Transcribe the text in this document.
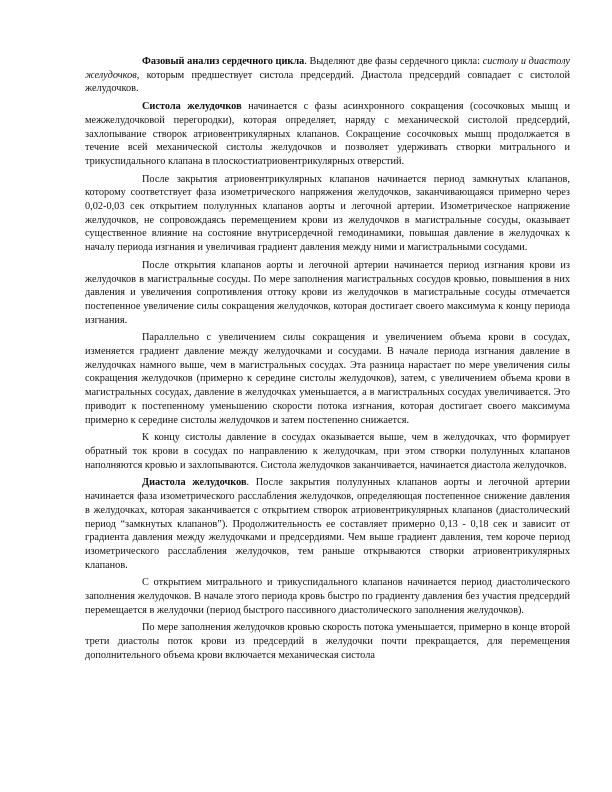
Фазовый анализ сердечного цикла. Выделяют две фазы сердечного цикла: систолу и диастолу желудочков, которым предшествует систола предсердий. Диастола предсердий совпадает с систолой желудочков.

Систола желудочков начинается с фазы асинхронного сокращения (сосочковых мышц и межжелудочковой перегородки), которая определяет, наряду с механической систолой предсердий, захлопывание створок атриовентрикулярных клапанов. Сокращение сосочковых мышц продолжается в течение всей механической систолы желудочков и позволяет удерживать створки митрального и трикуспидального клапана в плоскостиатриовентрикулярных отверстий.

После закрытия атриовентрикулярных клапанов начинается период замкнутых клапанов, которому соответствует фаза изометрического напряжения желудочков, заканчивающаяся примерно через 0,02-0,03 сек открытием полулунных клапанов аорты и легочной артерии. Изометрическое напряжение желудочков, не сопровождаясь перемещением крови из желудочков в магистральные сосуды, оказывает существенное влияние на состояние внутрисердечной гемодинамики, повышая давление в желудочках к началу периода изгнания и увеличивая градиент давления между ними и магистральными сосудами.

После открытия клапанов аорты и легочной артерии начинается период изгнания крови из желудочков в магистральные сосуды. По мере заполнения магистральных сосудов кровью, повышения в них давления и увеличения сопротивления оттоку крови из желудочков в магистральные сосуды отмечается постепенное увеличение силы сокращения желудочков, которая достигает своего максимума к концу периода изгнания.

Параллельно с увеличением силы сокращения и увеличением объема крови в сосудах, изменяется градиент давление между желудочками и сосудами. В начале периода изгнания давление в желудочках намного выше, чем в магистральных сосудах. Эта разница нарастает по мере увеличения силы сокращения желудочков (примерно к середине систолы желудочков), затем, с увеличением объема крови в магистральных сосудах, давление в желудочках уменьшается, а в магистральных сосудах увеличивается. Это приводит к постепенному уменьшению скорости потока изгнания, которая достигает своего максимума примерно к середине систолы желудочков и затем постепенно снижается.

К концу систолы давление в сосудах оказывается выше, чем в желудочках, что формирует обратный ток крови в сосудах по направлению к желудочкам, при этом створки полулунных клапанов наполняются кровью и захлопываются. Систола желудочков заканчивается, начинается диастола желудочков.

Диастола желудочков. После закрытия полулунных клапанов аорты и легочной артерии начинается фаза изометрического расслабления желудочков, определяющая постепенное снижение давления в желудочках, которая заканчивается с открытием створок атриовентрикулярных клапанов (диастолический период “замкнутых клапанов”). Продолжительность ее составляет примерно 0,13 - 0,18 сек и зависит от градиента давления между желудочками и предсердиями. Чем выше градиент давления, тем короче период изометрического расслабления желудочков, тем раньше открываются створки атриовентрикулярных клапанов.

С открытием митрального и трикуспидального клапанов начинается период диастолического заполнения желудочков. В начале этого периода кровь быстро по градиенту давления без участия предсердий перемещается в желудочки (период быстрого пассивного диастолического заполнения желудочков).

По мере заполнения желудочков кровью скорость потока уменьшается, примерно в конце второй трети диастолы поток крови из предсердий в желудочки почти прекращается, для перемещения дополнительного объема крови включается механическая систола
